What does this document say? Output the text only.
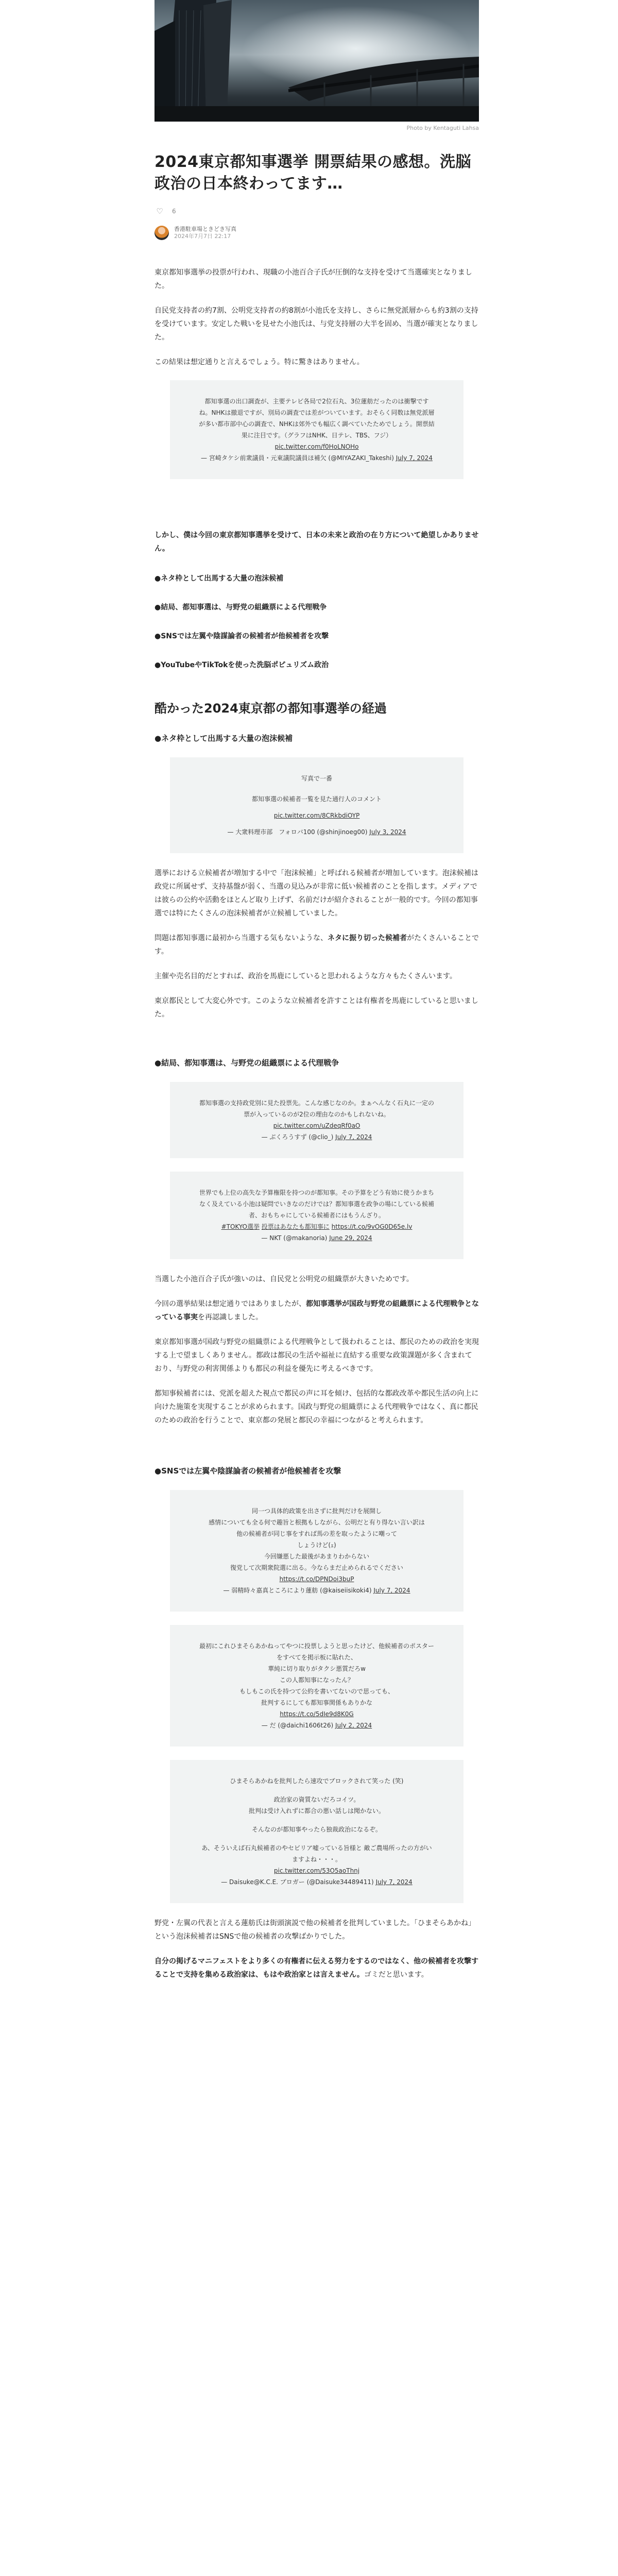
Photo by Kentaguti Lahsa
2024東京都知事選挙 開票結果の感想。洗脳政治の日本終わってます…
♡ 6
香港駐車場ときどき写真
2024年7月7日 22:17

東京都知事選挙の投票が行われ、現職の小池百合子氏が圧倒的な支持を受けて当選確実となりました。

自民党支持者の約7割、公明党支持者の約8割が小池氏を支持し、さらに無党派層からも約3割の支持を受けています。安定した戦いを見せた小池氏は、与党支持層の大半を固め、当選が確実となりました。

この結果は想定通りと言えるでしょう。特に驚きはありません。

都知事選の出口調査が、主要テレビ各局で2位石丸、3位蓮舫だったのは衝撃ですね。NHKは撤退ですが、別局の調査では差がついています。おそらく同数は無党派層が多い都市部中心の調査で、NHKは郊外でも幅広く調べていたためでしょう。開票結果に注目です。（グラフはNHK、日テレ、TBS、フジ）
pic.twitter.com/f0HoLNOHo
— 宮崎タケシ前衆議員・元東議院議員ほ補欠 (@MIYAZAKI_Takeshi) July 7, 2024

しかし、僕は今回の東京都知事選挙を受けて、日本の未来と政治の在り方について絶望しかありません。

●ネタ枠として出馬する大量の泡沫候補
●結局、都知事選は、与野党の組織票による代理戦争
●SNSでは左翼や陰謀論者の候補者が他候補者を攻撃
●YouTubeやTikTokを使った洗脳ポピュリズム政治
酷かった2024東京都の都知事選挙の経過
●ネタ枠として出馬する大量の泡沫候補
写真で一番
都知事選の候補者一覧を見た通行人のコメント
pic.twitter.com/8CRkbdiOYP
— 大衆料理市部　フォロバ100 (@shinjinoeg00) July 3, 2024

選挙における立候補者が増加する中で「泡沫候補」と呼ばれる候補者が増加しています。泡沫候補は政党に所属せず、支持基盤が弱く、当選の見込みが非常に低い候補者のことを指します。メディアでは彼らの公約や活動をほとんど取り上げず、名前だけが紹介されることが一般的です。今回の都知事選では特にたくさんの泡沫候補者が立候補していました。

問題は都知事選に最初から当選する気もないような、ネタに振り切った候補者がたくさんいることです。

主催や売名目的だとすれば、政治を馬鹿にしていると思われるような方々もたくさんいます。

東京都民として大変心外です。このような立候補者を許すことは有権者を馬鹿にしていると思いました。

●結局、都知事選は、与野党の組織票による代理戦争
都知事選の支持政党別に見た投票先。こんな感じなのか。まぁへんなく石丸に一定の票が入っているのが2位の理由なのかもしれないね。
pic.twitter.com/uZdeqRf0aO
— ぶくろうすず (@clio_) July 7, 2024
世界でも上位の高失な予算権限を持つのが都知事。その予算をどう有効に使うかまちなく及えている小池は疑問でいきなのだけでは？都知事選を政争の場にしている候補者、おもちゃにしている候補者にはもうんざり。
#TOKYO選挙 投票はあなたも都知事に https://t.co/9vOG0D65e.lv
— NKT (@makanoria) June 29, 2024

当選した小池百合子氏が強いのは、自民党と公明党の組織票が大きいためです。

今回の選挙結果は想定通りではありましたが、都知事選挙が国政与野党の組織票による代理戦争となっている事実を再認識しました。

東京都知事選が国政与野党の組織票による代理戦争として扱われることは、都民のための政治を実現する上で望ましくありません。都政は都民の生活や福祉に直結する重要な政策課題が多く含まれており、与野党の利害関係よりも都民の利益を優先に考えるべきです。

都知事候補者には、党派を超えた視点で都民の声に耳を傾け、包括的な都政改革や都民生活の向上に向けた施策を実現することが求められます。国政与野党の組織票による代理戦争ではなく、真に都民のための政治を行うことで、東京都の発展と都民の幸福につながると考えられます。

●SNSでは左翼や陰謀論者の候補者が他候補者を攻撃
同一つ具体的政策を出さずに批判だけを展開し
感情についても全る何で趣旨と根拠もしながら、公明だと有り得ない言い訳は
他の候補者が同じ事をすれば馬の差を取ったように嘲って
しょうけど(ｪ)
今回嫌悪した最後があまりわからない
復党して次期衆院選に出る。今ならまだ止められるでください
https://t.co/DPNDoi3buP
— 弱精時々嘉真ところにより蓮舫 (@kaiseiisikoki4) July 7, 2024
最初にこれひまそらあかねってやつに投票しようと思ったけど、他候補者のポスターをすべてを掲示板に貼れた、
華純に切り取りがタクシ悪質だろw
この人都知事になったん？
もしもこの氏を持つて公約を書いてないので思っても、
批判するにしても都知事関係もありかな
https://t.co/5dIe9d8K0G
— だ (@daichi1606t26) July 2, 2024
ひまそらあかねを批判したら速攻でブロックされて笑った (笑)
政治家の資質ないだろコイツ。
批判は受け入れずに都合の悪い話しは聞かない。
そんなのが都知事やったら独裁政治になるぞ。
あ、そういえば石丸候補者のやセビリア嘘っている旨様と 敵ご農場所ったの方がいますよね・・・。
pic.twitter.com/53O5aoThnj
— Daisuke@K.C.E. ブロガー (@Daisuke34489411) July 7, 2024

野党・左翼の代表と言える蓮舫氏は街頭演説で他の候補者を批判していました。「ひまそらあかね」という泡沫候補者はSNSで他の候補者の攻撃ばかりでした。

自分の掲げるマニフェストをより多くの有権者に伝える努力をするのではなく、他の候補者を攻撃することで支持を集める政治家は、もはや政治家とは言えません。ゴミだと思います。
